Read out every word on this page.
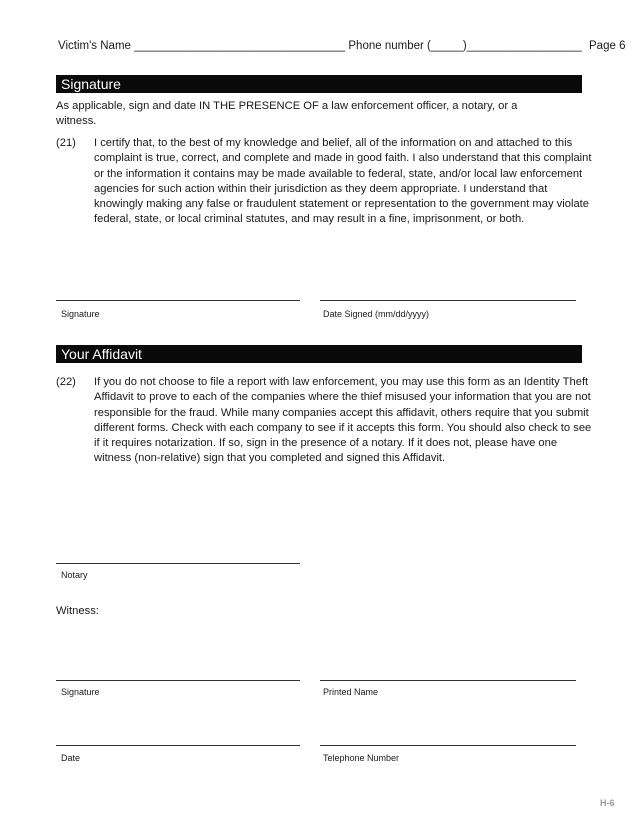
Victim's Name _________________________________ Phone number (_____)__________________ Page 6
Signature
As applicable, sign and date IN THE PRESENCE OF a law enforcement officer, a notary, or a witness.
(21)	I certify that, to the best of my knowledge and belief, all of the information on and attached to this complaint is true, correct, and complete and made in good faith. I also understand that this complaint or the information it contains may be made available to federal, state, and/or local law enforcement agencies for such action within their jurisdiction as they deem appropriate. I understand that knowingly making any false or fraudulent statement or representation to the government may violate federal, state, or local criminal statutes, and may result in a fine, imprisonment, or both.
Signature	Date Signed (mm/dd/yyyy)
Your Affidavit
(22)	If you do not choose to file a report with law enforcement, you may use this form as an Identity Theft Affidavit to prove to each of the companies where the thief misused your information that you are not responsible for the fraud. While many companies accept this affidavit, others require that you submit different forms. Check with each company to see if it accepts this form. You should also check to see if it requires notarization. If so, sign in the presence of a notary. If it does not, please have one witness (non-relative) sign that you completed and signed this Affidavit.
Notary
Witness:
Signature	Printed Name
Date	Telephone Number
H-6
